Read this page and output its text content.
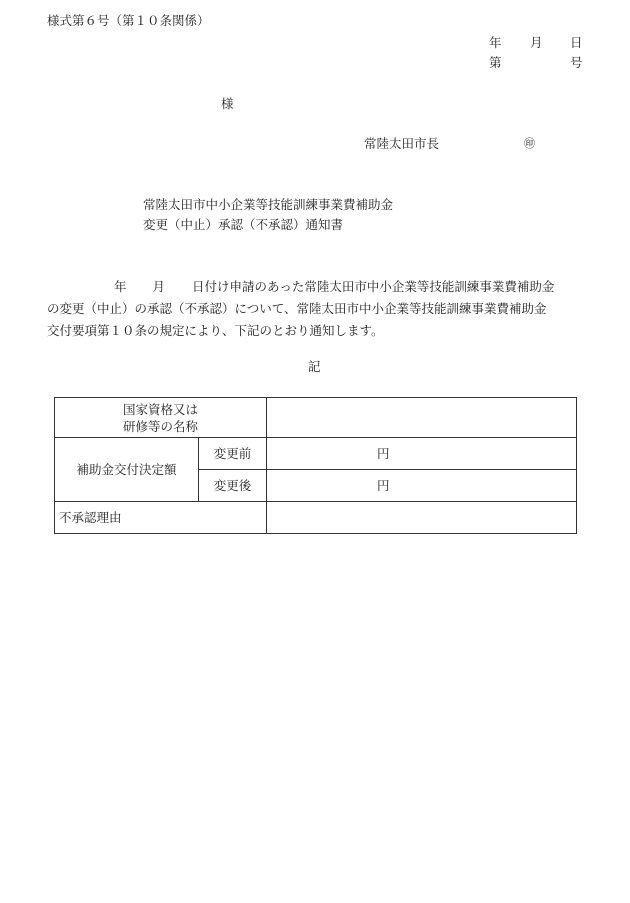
様式第６号（第１０条関係）
年 月 日
第	号
様
常陸太田市長	㊞
常陸太田市中小企業等技能訓練事業費補助金
変更（中止）承認（不承認）通知書
年 月 日付け申請のあった常陸太田市中小企業等技能訓練事業費補助金
の変更（中止）の承認（不承認）について、常陸太田市中小企業等技能訓練事業費補助金
交付要項第１０条の規定により、下記のとおり通知します。
記
国家資格又は
研修等の名称		

補助金交付決定額	変更前	円
	変更後	円
不承認理由		
